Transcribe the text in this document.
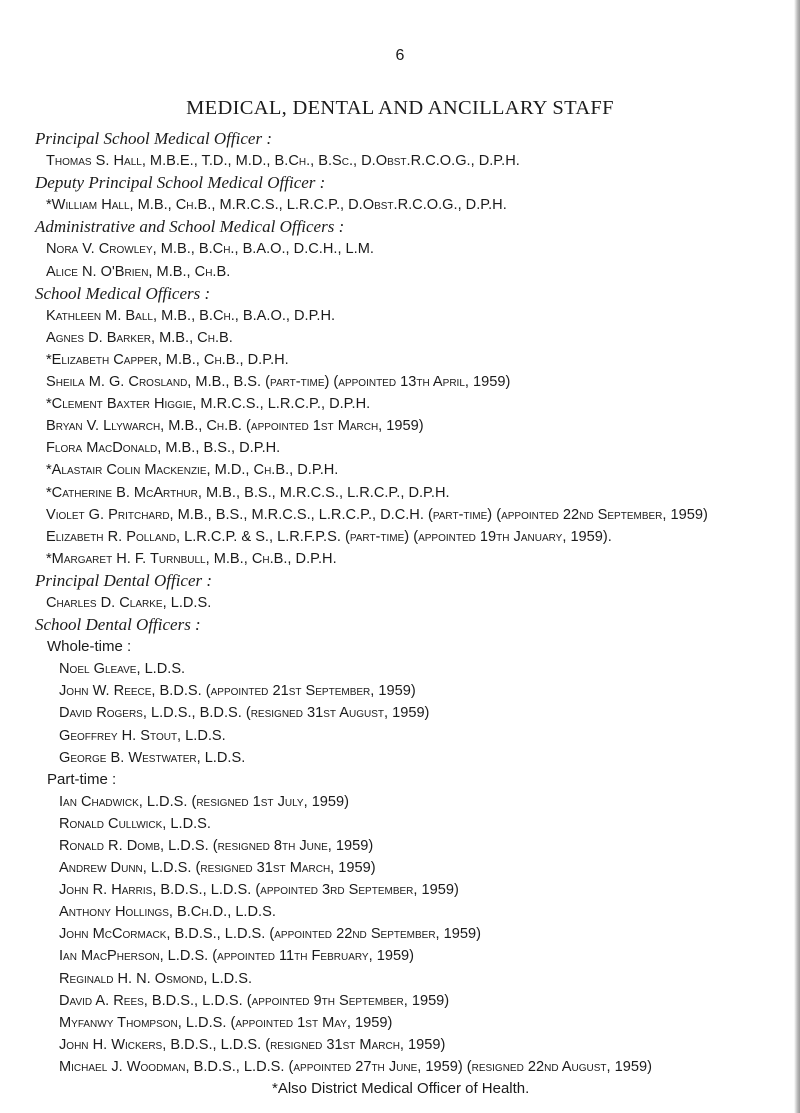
6
MEDICAL, DENTAL AND ANCILLARY STAFF
Principal School Medical Officer :
Thomas S. Hall, M.B.E., T.D., M.D., B.Ch., B.Sc., D.Obst.R.C.O.G., D.P.H.
Deputy Principal School Medical Officer :
*William Hall, M.B., Ch.B., M.R.C.S., L.R.C.P., D.Obst.R.C.O.G., D.P.H.
Administrative and School Medical Officers :
Nora V. Crowley, M.B., B.Ch., B.A.O., D.C.H., L.M.
Alice N. O'Brien, M.B., Ch.B.
School Medical Officers :
Kathleen M. Ball, M.B., B.Ch., B.A.O., D.P.H.
Agnes D. Barker, M.B., Ch.B.
*Elizabeth Capper, M.B., Ch.B., D.P.H.
Sheila M. G. Crosland, M.B., B.S. (part-time) (appointed 13th April, 1959)
*Clement Baxter Higgie, M.R.C.S., L.R.C.P., D.P.H.
Bryan V. Llywarch, M.B., Ch.B. (appointed 1st March, 1959)
Flora MacDonald, M.B., B.S., D.P.H.
*Alastair Colin Mackenzie, M.D., Ch.B., D.P.H.
*Catherine B. McArthur, M.B., B.S., M.R.C.S., L.R.C.P., D.P.H.
Violet G. Pritchard, M.B., B.S., M.R.C.S., L.R.C.P., D.C.H. (part-time) (appointed 22nd September, 1959)
Elizabeth R. Polland, L.R.C.P. & S., L.R.F.P.S. (part-time) (appointed 19th January, 1959).
*Margaret H. F. Turnbull, M.B., Ch.B., D.P.H.
Principal Dental Officer :
Charles D. Clarke, L.D.S.
School Dental Officers :
Whole-time :
Noel Gleave, L.D.S.
John W. Reece, B.D.S. (appointed 21st September, 1959)
David Rogers, L.D.S., B.D.S. (resigned 31st August, 1959)
Geoffrey H. Stout, L.D.S.
George B. Westwater, L.D.S.
Part-time :
Ian Chadwick, L.D.S. (resigned 1st July, 1959)
Ronald Cullwick, L.D.S.
Ronald R. Domb, L.D.S. (resigned 8th June, 1959)
Andrew Dunn, L.D.S. (resigned 31st March, 1959)
John R. Harris, B.D.S., L.D.S. (appointed 3rd September, 1959)
Anthony Hollings, B.Ch.D., L.D.S.
John McCormack, B.D.S., L.D.S. (appointed 22nd September, 1959)
Ian MacPherson, L.D.S. (appointed 11th February, 1959)
Reginald H. N. Osmond, L.D.S.
David A. Rees, B.D.S., L.D.S. (appointed 9th September, 1959)
Myfanwy Thompson, L.D.S. (appointed 1st May, 1959)
John H. Wickers, B.D.S., L.D.S. (resigned 31st March, 1959)
Michael J. Woodman, B.D.S., L.D.S. (appointed 27th June, 1959) (resigned 22nd August, 1959)
*Also District Medical Officer of Health.
